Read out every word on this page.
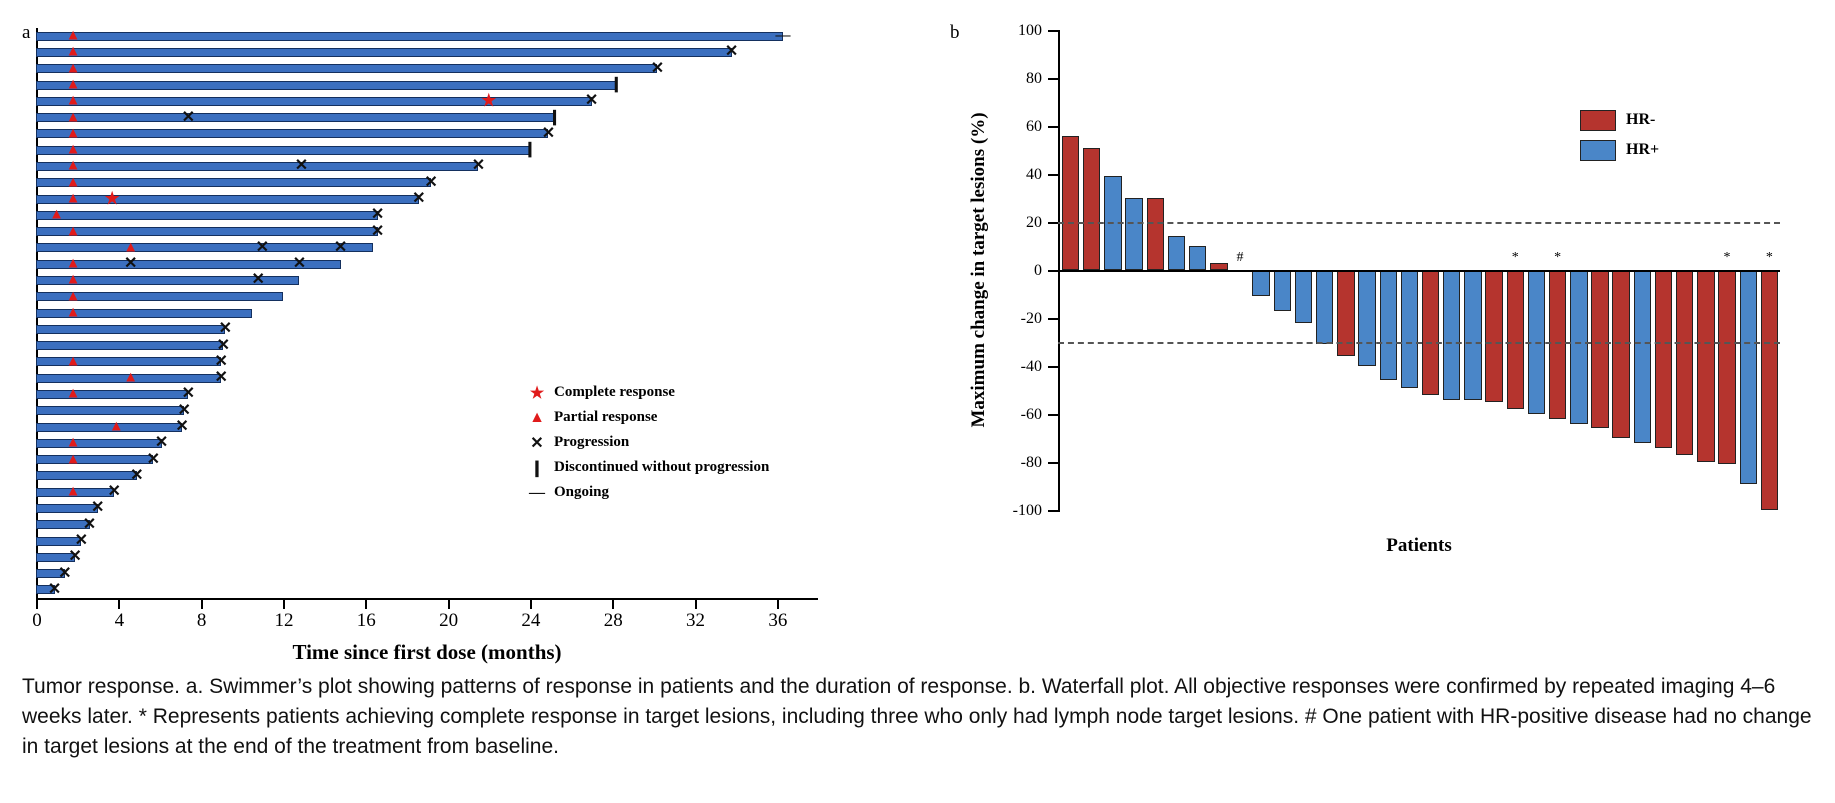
a ▲	—
▲	✕
▲	✕
▲	❙
▲	★	✕
▲	✕	❙
▲	✕
▲	❙
▲	✕	✕
▲	✕
▲ ★	✕
▲	✕
▲	✕
▲	✕	✕
▲	✕	✕
▲	✕
▲
▲
✕
✕
▲	✕
▲	✕
▲	✕
✕
▲	✕
▲	✕
▲	✕
✕
▲ ✕
✕
✕
✕
✕
✕
✕
Time since first dose (months)
★ Complete response
▲ Partial response
✕ Progression
❙ Discontinued without progression
— Ongoing
0	4	8	12	16	20	24	28	32	36
b
Maximum change in target lesions (%)	#	*	*	*	*
Patients
HR-
HR+
-100
-80
-60
-40
-20
0
20
40
60
80
100
Tumor response. a. Swimmer’s plot showing patterns of response in patients and the duration of response. b. Waterfall plot. All objective responses were confirmed by repeated imaging 4–6 weeks later. * Represents patients achieving complete response in target lesions, including three who only had lymph node target lesions. # One patient with HR-positive disease had no change in target lesions at the end of the treatment from baseline.
